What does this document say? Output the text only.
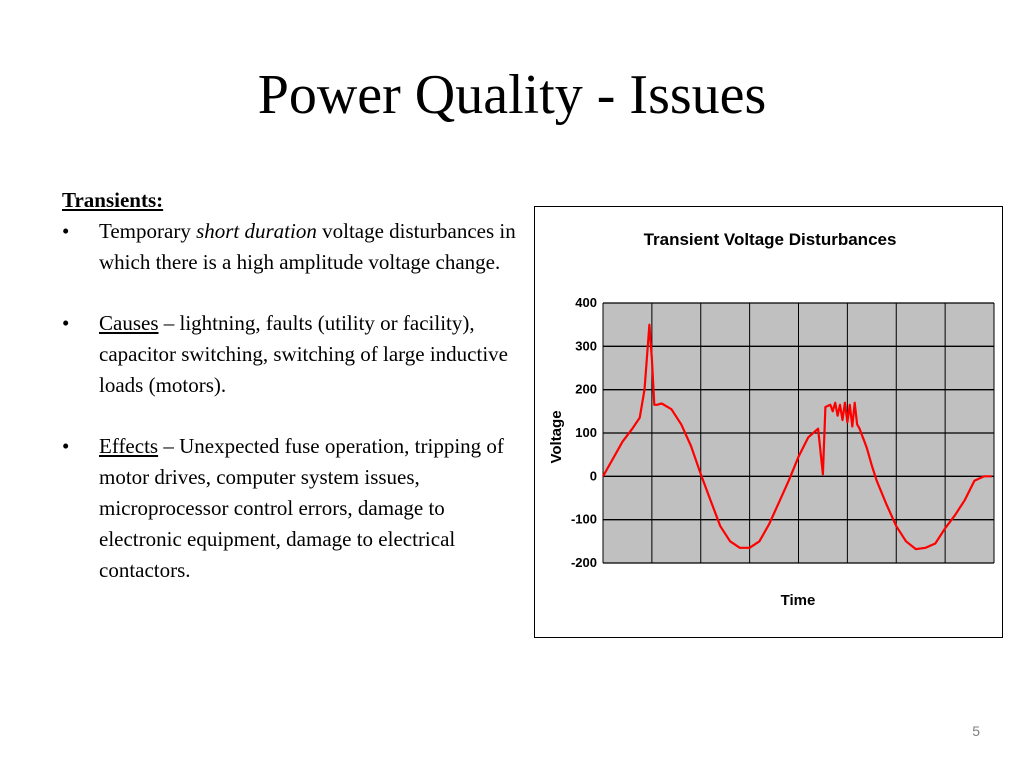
Power Quality - Issues
Transients:

• Temporary short duration voltage disturbances in which there is a high amplitude voltage change.

• Causes – lightning, faults (utility or facility), capacitor switching, switching of large inductive loads (motors).

• Effects – Unexpected fuse operation, tripping of motor drives, computer system issues, microprocessor control errors, damage to electronic equipment, damage to electrical contactors.

Transient Voltage Disturbances
400
300
200
100
0
-100
-200
Voltage
Time
5
